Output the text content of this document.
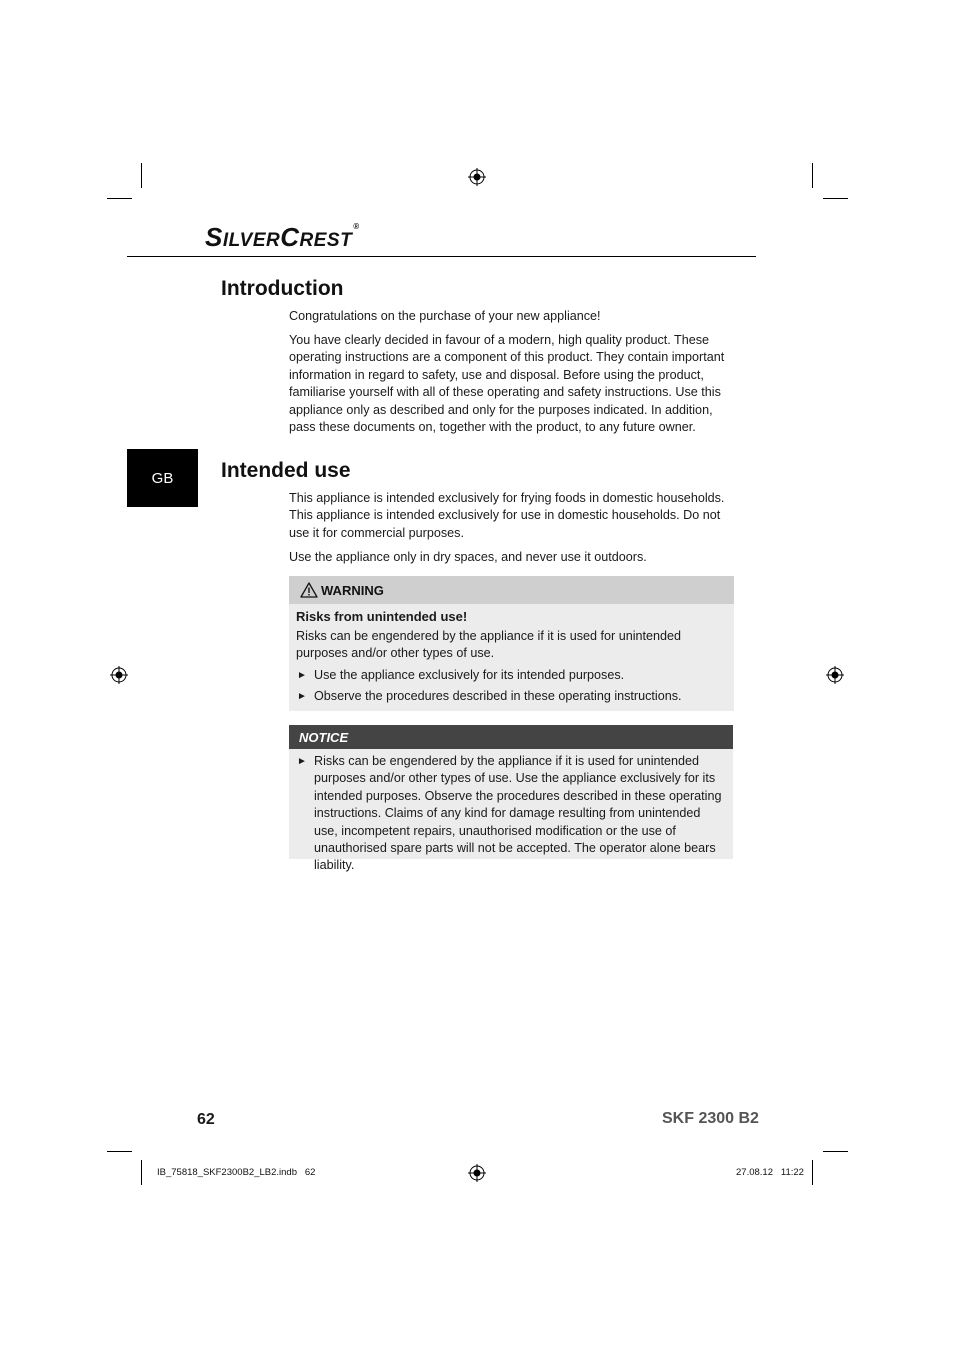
SILVERCREST®
Introduction

Congratulations on the purchase of your new appliance!

You have clearly decided in favour of a modern, high quality product. These operating instructions are a component of this product. They contain important information in regard to safety, use and disposal. Before using the product, familiarise yourself with all of these operating and safety instructions. Use this appliance only as described and only for the purposes indicated. In addition, pass these documents on, together with the product, to any future owner.

GB	Intended use

This appliance is intended exclusively for frying foods in domestic households. This appliance is intended exclusively for use in domestic households. Do not use it for commercial purposes.

Use the appliance only in dry spaces, and never use it outdoors.

WARNING

Risks from unintended use!

Risks can be engendered by the appliance if it is used for unintended purposes and/or other types of use.

► Use the appliance exclusively for its intended purposes.

► Observe the procedures described in these operating instructions.

NOTICE

► Risks can be engendered by the appliance if it is used for unintended purposes and/or other types of use. Use the appliance exclusively for its intended purposes. Observe the procedures described in these operating instructions. Claims of any kind for damage resulting from unintended use, incompetent repairs, unauthorised modification or the use of unauthorised spare parts will not be accepted. The operator alone bears liability.

62	SKF 2300 B2
IB_75818_SKF2300B2_LB2.indb   62	27.08.12   11:22
